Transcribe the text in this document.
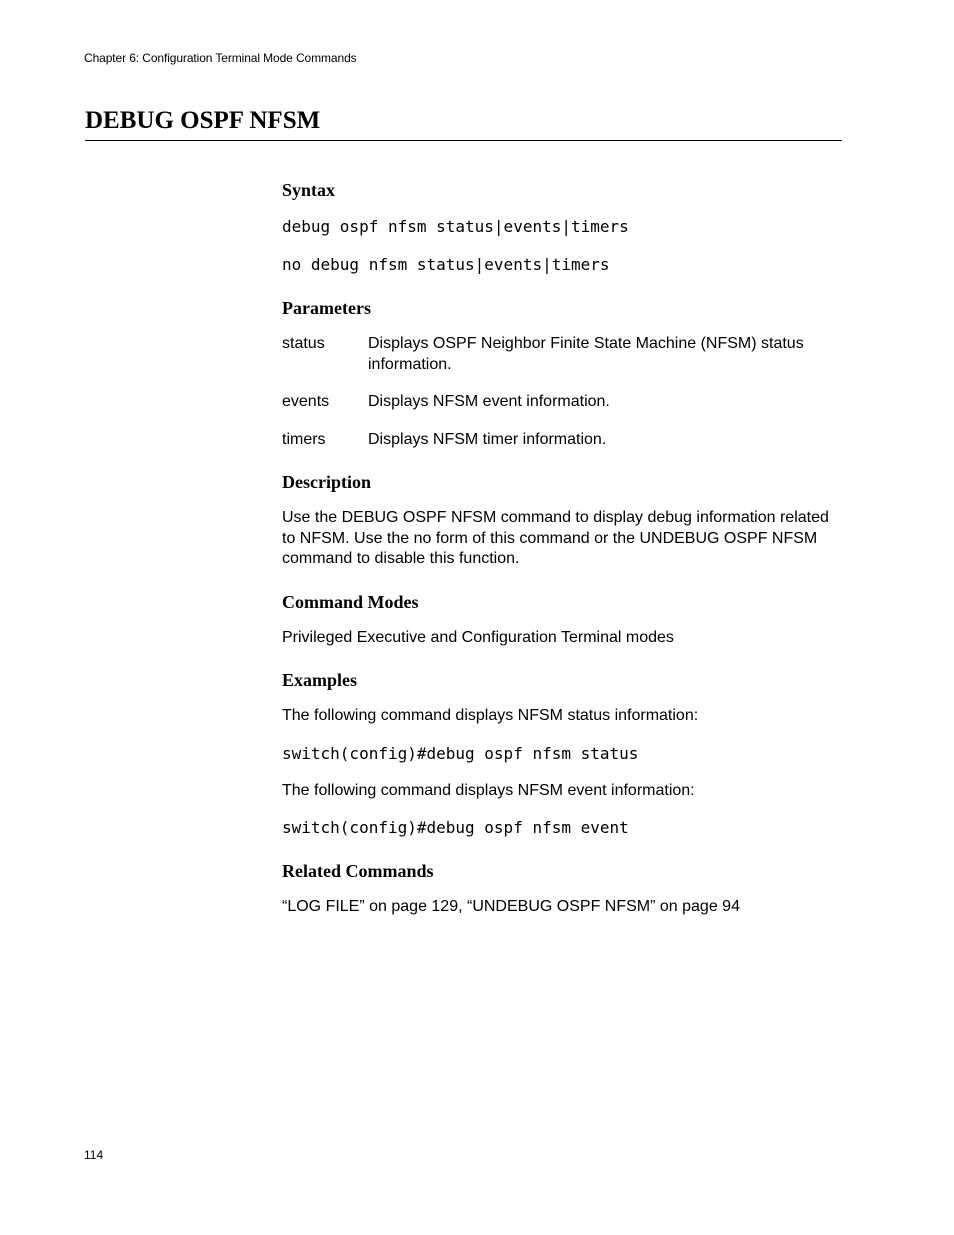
Chapter 6: Configuration Terminal Mode Commands
DEBUG OSPF NFSM
Syntax

debug ospf nfsm status|events|timers

no debug nfsm status|events|timers

Parameters
status	Displays OSPF Neighbor Finite State Machine (NFSM) status information.
events	Displays NFSM event information.
timers	Displays NFSM timer information.
Description

Use the DEBUG OSPF NFSM command to display debug information related to NFSM. Use the no form of this command or the UNDEBUG OSPF NFSM command to disable this function.

Command Modes

Privileged Executive and Configuration Terminal modes

Examples

The following command displays NFSM status information:

switch(config)#debug ospf nfsm status

The following command displays NFSM event information:

switch(config)#debug ospf nfsm event

Related Commands

“LOG FILE” on page 129, “UNDEBUG OSPF NFSM” on page 94

114
